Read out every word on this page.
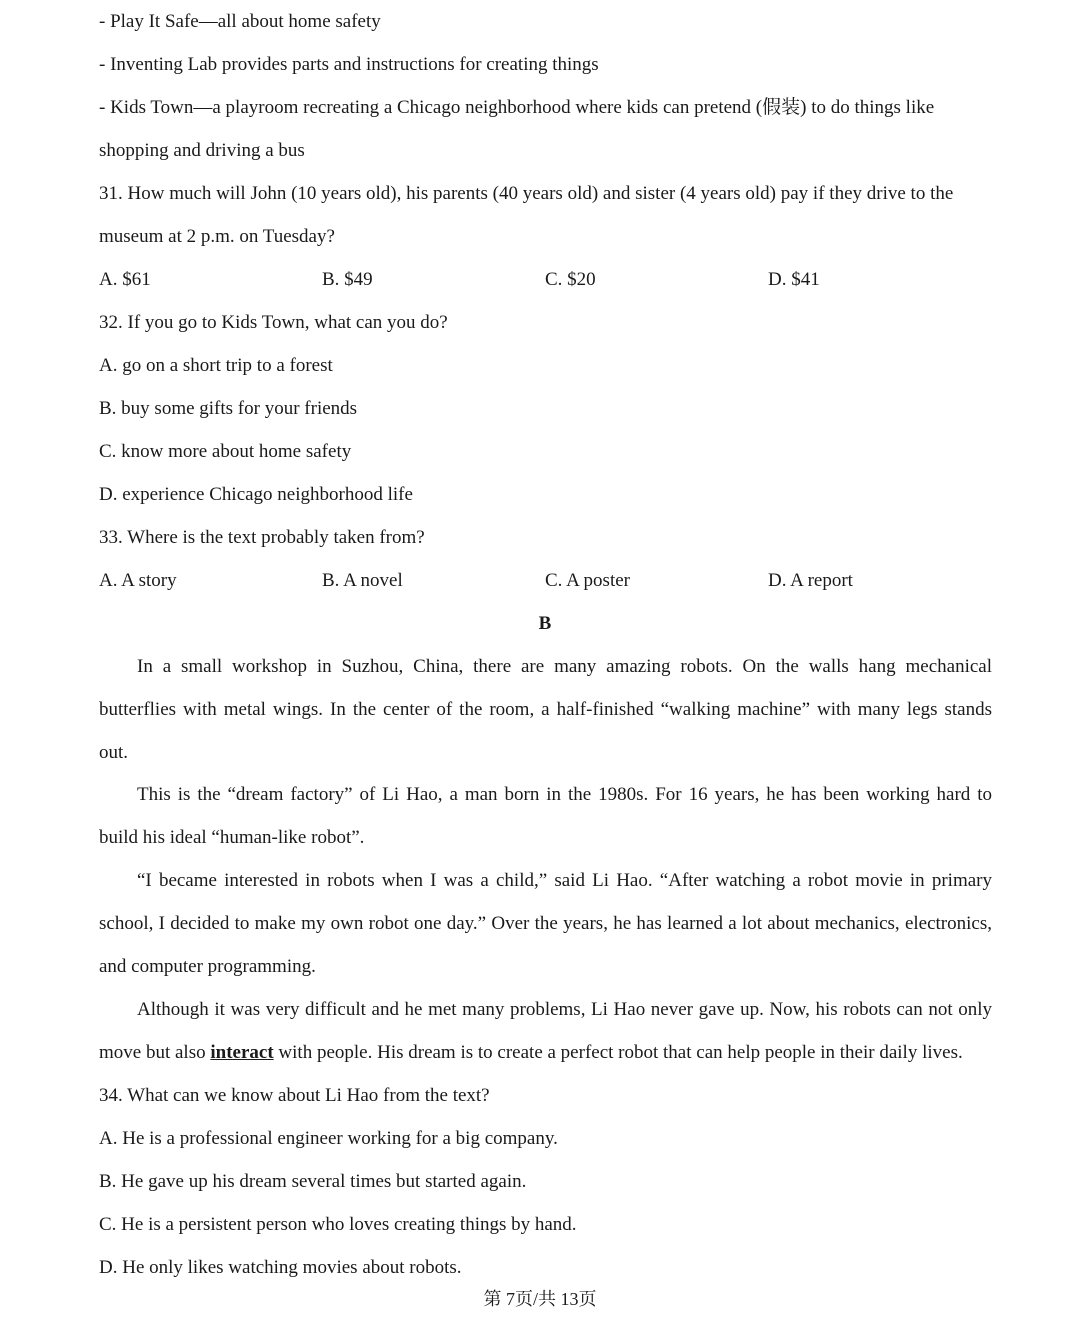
- Play It Safe—all about home safety
- Inventing Lab provides parts and instructions for creating things
- Kids Town—a playroom recreating a Chicago neighborhood where kids can pretend (假装) to do things like
shopping and driving a bus
31. How much will John (10 years old), his parents (40 years old) and sister (4 years old) pay if they drive to the
museum at 2 p.m. on Tuesday?
A. $61	B. $49	C. $20	D. $41
32. If you go to Kids Town, what can you do?
A. go on a short trip to a forest
B. buy some gifts for your friends
C. know more about home safety
D. experience Chicago neighborhood life
33. Where is the text probably taken from?
A. A story	B. A novel	C. A poster	D. A report
B
In a small workshop in Suzhou, China, there are many amazing robots. On the walls hang mechanical
butterflies with metal wings. In the center of the room, a half-finished “walking machine” with many legs stands
out.
This is the “dream factory” of Li Hao, a man born in the 1980s. For 16 years, he has been working hard to
build his ideal “human-like robot”.
“I became interested in robots when I was a child,” said Li Hao. “After watching a robot movie in primary
school, I decided to make my own robot one day.” Over the years, he has learned a lot about mechanics, electronics,
and computer programming.
Although it was very difficult and he met many problems, Li Hao never gave up. Now, his robots can not only
move but also interact with people. His dream is to create a perfect robot that can help people in their daily lives.
34. What can we know about Li Hao from the text?
A. He is a professional engineer working for a big company.
B. He gave up his dream several times but started again.
C. He is a persistent person who loves creating things by hand.
D. He only likes watching movies about robots.
第 7页/共 13页
